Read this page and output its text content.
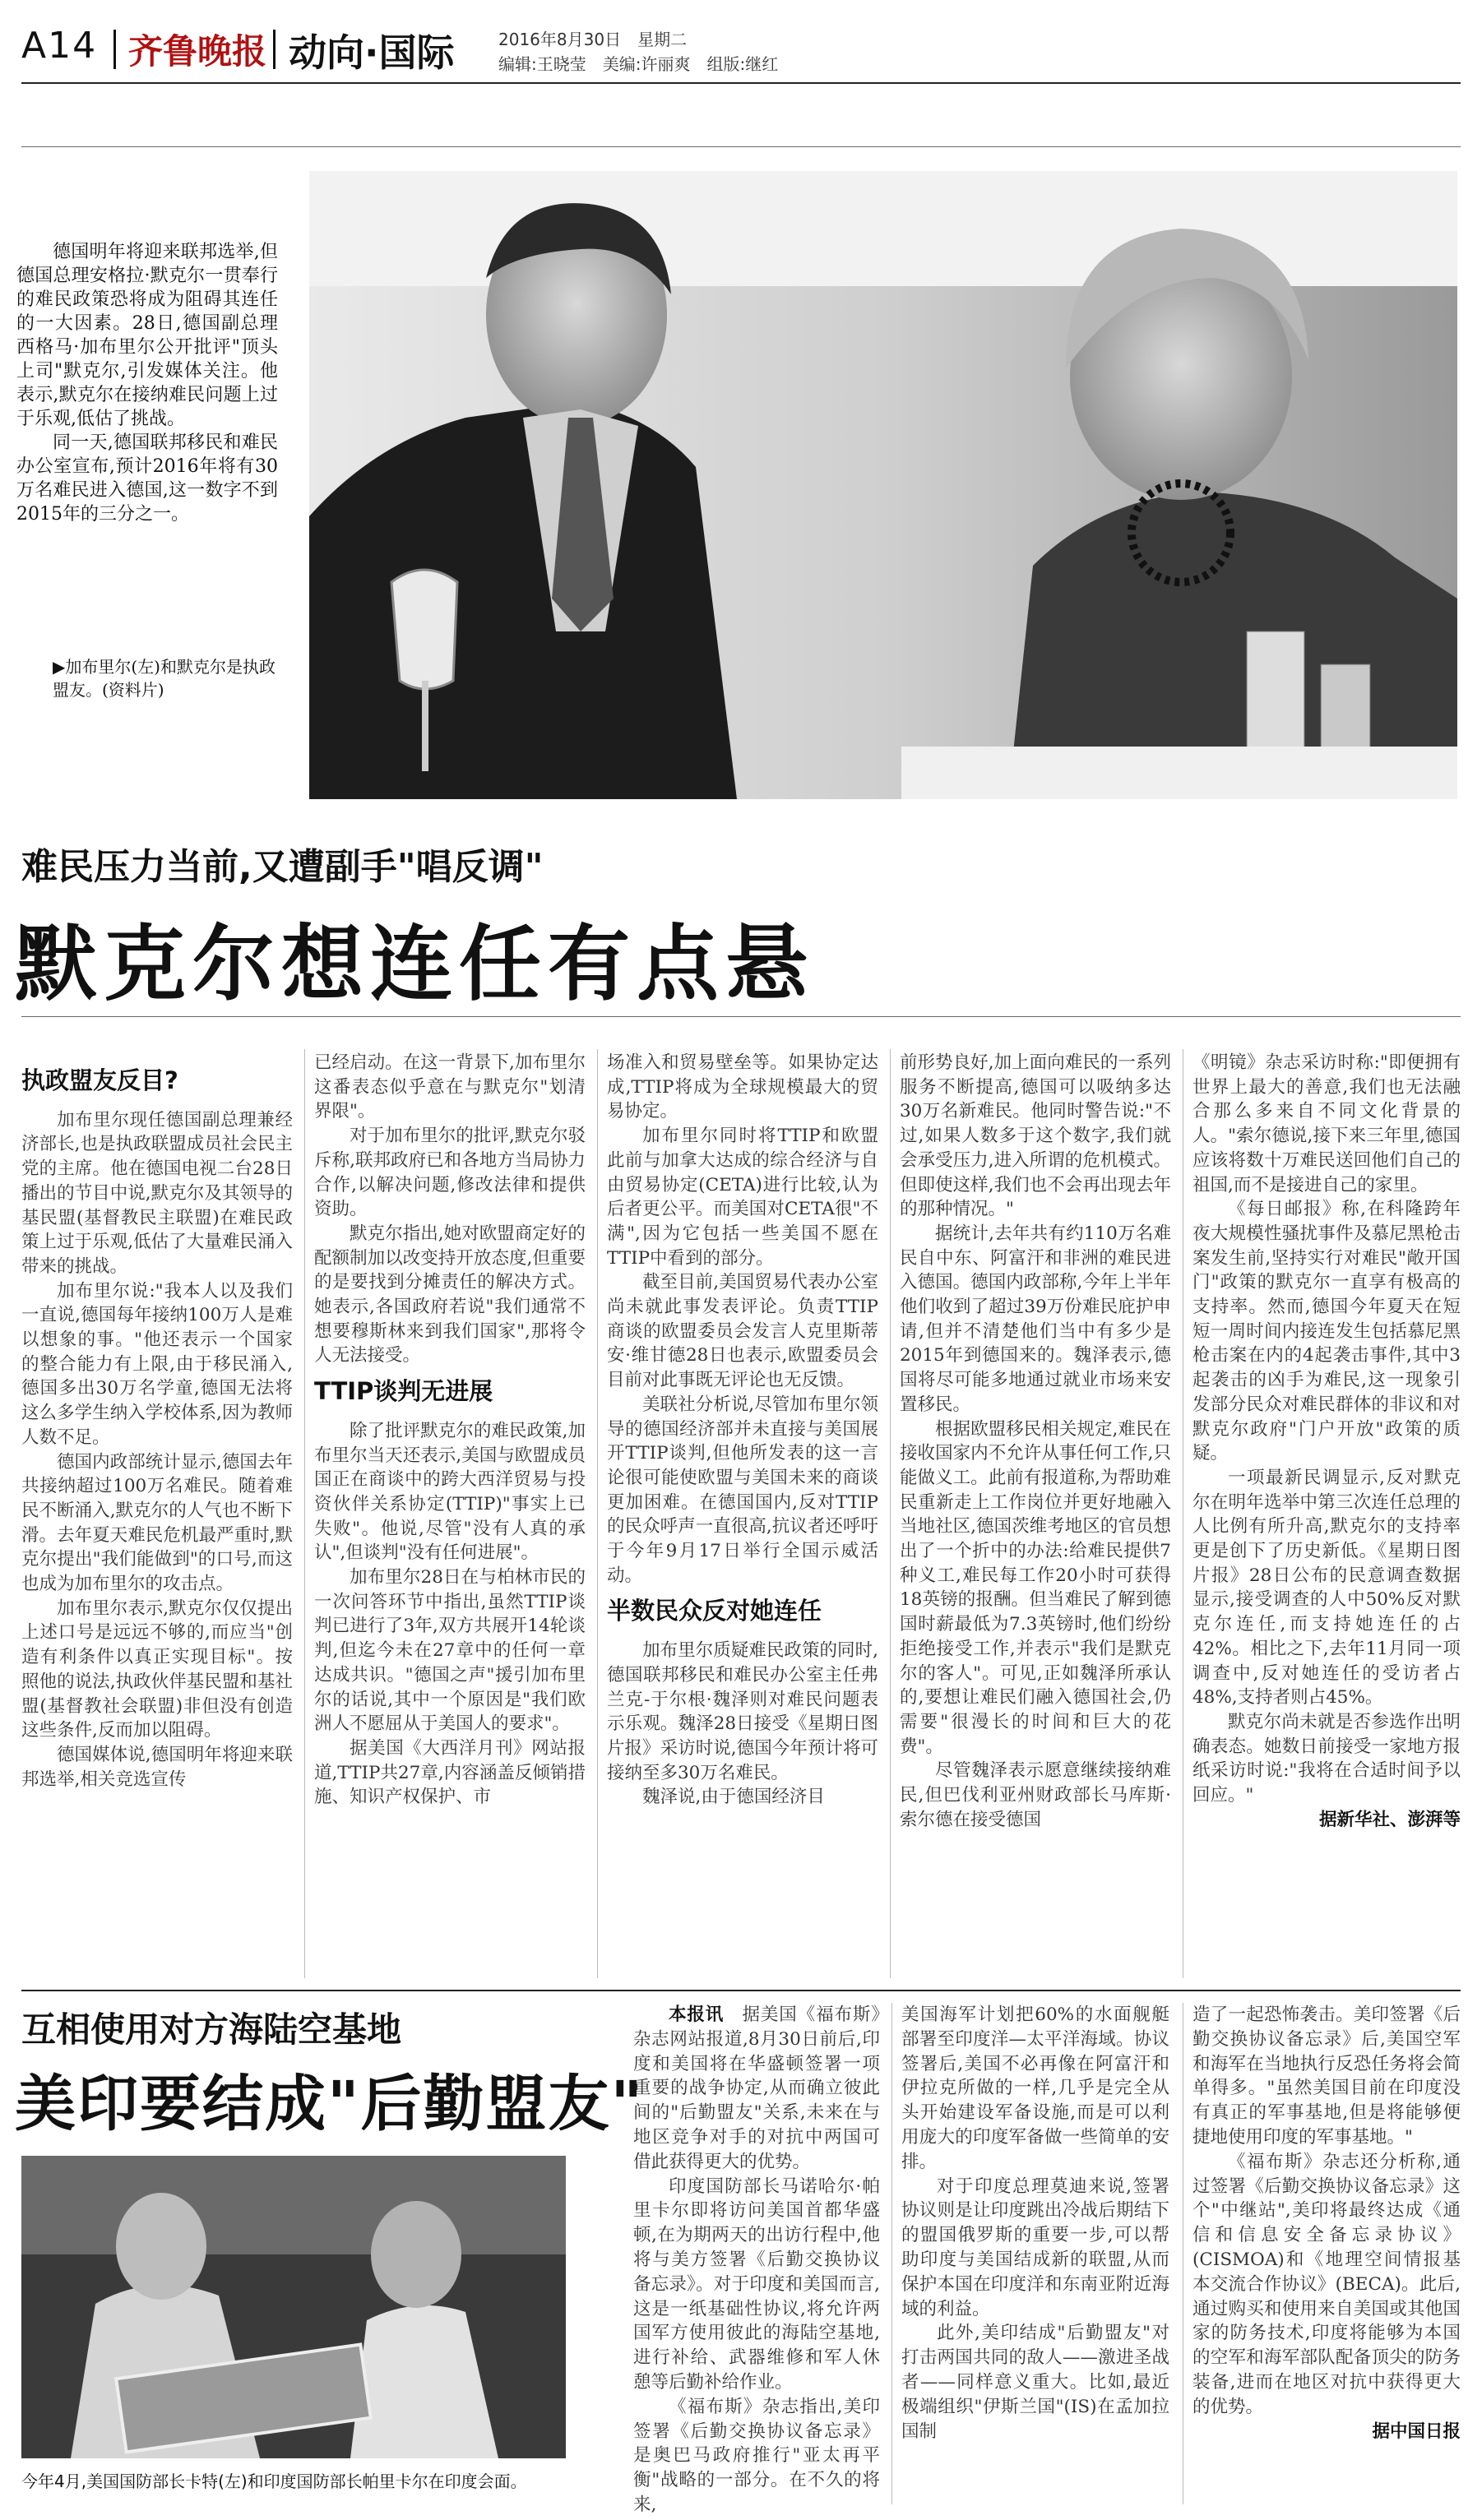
A14 齐鲁晚报 动向·国际	2016年8月30日　星期二
编辑:王晓莹　美编:许丽爽　组版:继红

德国明年将迎来联邦选举,但德国总理安格拉·默克尔一贯奉行的难民政策恐将成为阻碍其连任的一大因素。28日,德国副总理西格马·加布里尔公开批评"顶头上司"默克尔,引发媒体关注。他表示,默克尔在接纳难民问题上过于乐观,低估了挑战。

同一天,德国联邦移民和难民办公室宣布,预计2016年将有30万名难民进入德国,这一数字不到2015年的三分之一。

▶加布里尔(左)和默克尔是执政盟友。(资料片)
难民压力当前,又遭副手"唱反调"
默克尔想连任有点悬
执政盟友反目?

加布里尔现任德国副总理兼经济部长,也是执政联盟成员社会民主党的主席。他在德国电视二台28日播出的节目中说,默克尔及其领导的基民盟(基督教民主联盟)在难民政策上过于乐观,低估了大量难民涌入带来的挑战。

加布里尔说:"我本人以及我们一直说,德国每年接纳100万人是难以想象的事。"他还表示一个国家的整合能力有上限,由于移民涌入,德国多出30万名学童,德国无法将这么多学生纳入学校体系,因为教师人数不足。

德国内政部统计显示,德国去年共接纳超过100万名难民。随着难民不断涌入,默克尔的人气也不断下滑。去年夏天难民危机最严重时,默克尔提出"我们能做到"的口号,而这也成为加布里尔的攻击点。

加布里尔表示,默克尔仅仅提出上述口号是远远不够的,而应当"创造有利条件以真正实现目标"。按照他的说法,执政伙伴基民盟和基社盟(基督教社会联盟)非但没有创造这些条件,反而加以阻碍。

德国媒体说,德国明年将迎来联邦选举,相关竞选宣传

已经启动。在这一背景下,加布里尔这番表态似乎意在与默克尔"划清界限"。

对于加布里尔的批评,默克尔驳斥称,联邦政府已和各地方当局协力合作,以解决问题,修改法律和提供资助。

默克尔指出,她对欧盟商定好的配额制加以改变持开放态度,但重要的是要找到分摊责任的解决方式。她表示,各国政府若说"我们通常不想要穆斯林来到我们国家",那将令人无法接受。

TTIP谈判无进展

除了批评默克尔的难民政策,加布里尔当天还表示,美国与欧盟成员国正在商谈中的跨大西洋贸易与投资伙伴关系协定(TTIP)"事实上已失败"。他说,尽管"没有人真的承认",但谈判"没有任何进展"。

加布里尔28日在与柏林市民的一次问答环节中指出,虽然TTIP谈判已进行了3年,双方共展开14轮谈判,但迄今未在27章中的任何一章达成共识。"德国之声"援引加布里尔的话说,其中一个原因是"我们欧洲人不愿屈从于美国人的要求"。

据美国《大西洋月刊》网站报道,TTIP共27章,内容涵盖反倾销措施、知识产权保护、市

场准入和贸易壁垒等。如果协定达成,TTIP将成为全球规模最大的贸易协定。

加布里尔同时将TTIP和欧盟此前与加拿大达成的综合经济与自由贸易协定(CETA)进行比较,认为后者更公平。而美国对CETA很"不满",因为它包括一些美国不愿在TTIP中看到的部分。

截至目前,美国贸易代表办公室尚未就此事发表评论。负责TTIP商谈的欧盟委员会发言人克里斯蒂安·维甘德28日也表示,欧盟委员会目前对此事既无评论也无反馈。

美联社分析说,尽管加布里尔领导的德国经济部并未直接与美国展开TTIP谈判,但他所发表的这一言论很可能使欧盟与美国未来的商谈更加困难。在德国国内,反对TTIP的民众呼声一直很高,抗议者还呼吁于今年9月17日举行全国示威活动。

半数民众反对她连任

加布里尔质疑难民政策的同时,德国联邦移民和难民办公室主任弗兰克-于尔根·魏泽则对难民问题表示乐观。魏泽28日接受《星期日图片报》采访时说,德国今年预计将可接纳至多30万名难民。

魏泽说,由于德国经济目

前形势良好,加上面向难民的一系列服务不断提高,德国可以吸纳多达30万名新难民。他同时警告说:"不过,如果人数多于这个数字,我们就会承受压力,进入所谓的危机模式。但即使这样,我们也不会再出现去年的那种情况。"

据统计,去年共有约110万名难民自中东、阿富汗和非洲的难民进入德国。德国内政部称,今年上半年他们收到了超过39万份难民庇护申请,但并不清楚他们当中有多少是2015年到德国来的。魏泽表示,德国将尽可能多地通过就业市场来安置移民。

根据欧盟移民相关规定,难民在接收国家内不允许从事任何工作,只能做义工。此前有报道称,为帮助难民重新走上工作岗位并更好地融入当地社区,德国茨维考地区的官员想出了一个折中的办法:给难民提供7种义工,难民每工作20小时可获得18英镑的报酬。但当难民了解到德国时薪最低为7.3英镑时,他们纷纷拒绝接受工作,并表示"我们是默克尔的客人"。可见,正如魏泽所承认的,要想让难民们融入德国社会,仍需要"很漫长的时间和巨大的花费"。

尽管魏泽表示愿意继续接纳难民,但巴伐利亚州财政部长马库斯·索尔德在接受德国

《明镜》杂志采访时称:"即便拥有世界上最大的善意,我们也无法融合那么多来自不同文化背景的人。"索尔德说,接下来三年里,德国应该将数十万难民送回他们自己的祖国,而不是接进自己的家里。

《每日邮报》称,在科隆跨年夜大规模性骚扰事件及慕尼黑枪击案发生前,坚持实行对难民"敞开国门"政策的默克尔一直享有极高的支持率。然而,德国今年夏天在短短一周时间内接连发生包括慕尼黑枪击案在内的4起袭击事件,其中3起袭击的凶手为难民,这一现象引发部分民众对难民群体的非议和对默克尔政府"门户开放"政策的质疑。

一项最新民调显示,反对默克尔在明年选举中第三次连任总理的人比例有所升高,默克尔的支持率更是创下了历史新低。《星期日图片报》28日公布的民意调查数据显示,接受调查的人中50%反对默克尔连任,而支持她连任的占42%。相比之下,去年11月同一项调查中,反对她连任的受访者占48%,支持者则占45%。

默克尔尚未就是否参选作出明确表态。她数日前接受一家地方报纸采访时说:"我将在合适时间予以回应。"

据新华社、澎湃等

互相使用对方海陆空基地
美印要结成"后勤盟友"
今年4月,美国国防部长卡特(左)和印度国防部长帕里卡尔在印度会面。

本报讯　 据美国《福布斯》杂志网站报道,8月30日前后,印度和美国将在华盛顿签署一项重要的战争协定,从而确立彼此间的"后勤盟友"关系,未来在与地区竞争对手的对抗中两国可借此获得更大的优势。

印度国防部长马诺哈尔·帕里卡尔即将访问美国首都华盛顿,在为期两天的出访行程中,他将与美方签署《后勤交换协议备忘录》。对于印度和美国而言,这是一纸基础性协议,将允许两国军方使用彼此的海陆空基地,进行补给、武器维修和军人休憩等后勤补给作业。

《福布斯》杂志指出,美印签署《后勤交换协议备忘录》是奥巴马政府推行"亚太再平衡"战略的一部分。在不久的将来,

美国海军计划把60%的水面舰艇部署至印度洋—太平洋海域。协议签署后,美国不必再像在阿富汗和伊拉克所做的一样,几乎是完全从头开始建设军备设施,而是可以利用庞大的印度军备做一些简单的安排。

对于印度总理莫迪来说,签署协议则是让印度跳出冷战后期结下的盟国俄罗斯的重要一步,可以帮助印度与美国结成新的联盟,从而保护本国在印度洋和东南亚附近海域的利益。

此外,美印结成"后勤盟友"对打击两国共同的敌人——激进圣战者——同样意义重大。比如,最近极端组织"伊斯兰国"(IS)在孟加拉国制

造了一起恐怖袭击。美印签署《后勤交换协议备忘录》后,美国空军和海军在当地执行反恐任务将会简单得多。"虽然美国目前在印度没有真正的军事基地,但是将能够便捷地使用印度的军事基地。"

《福布斯》杂志还分析称,通过签署《后勤交换协议备忘录》这个"中继站",美印将最终达成《通信和信息安全备忘录协议》(CISMOA)和《地理空间情报基本交流合作协议》(BECA)。此后,通过购买和使用来自美国或其他国家的防务技术,印度将能够为本国的空军和海军部队配备顶尖的防务装备,进而在地区对抗中获得更大的优势。

据中国日报
